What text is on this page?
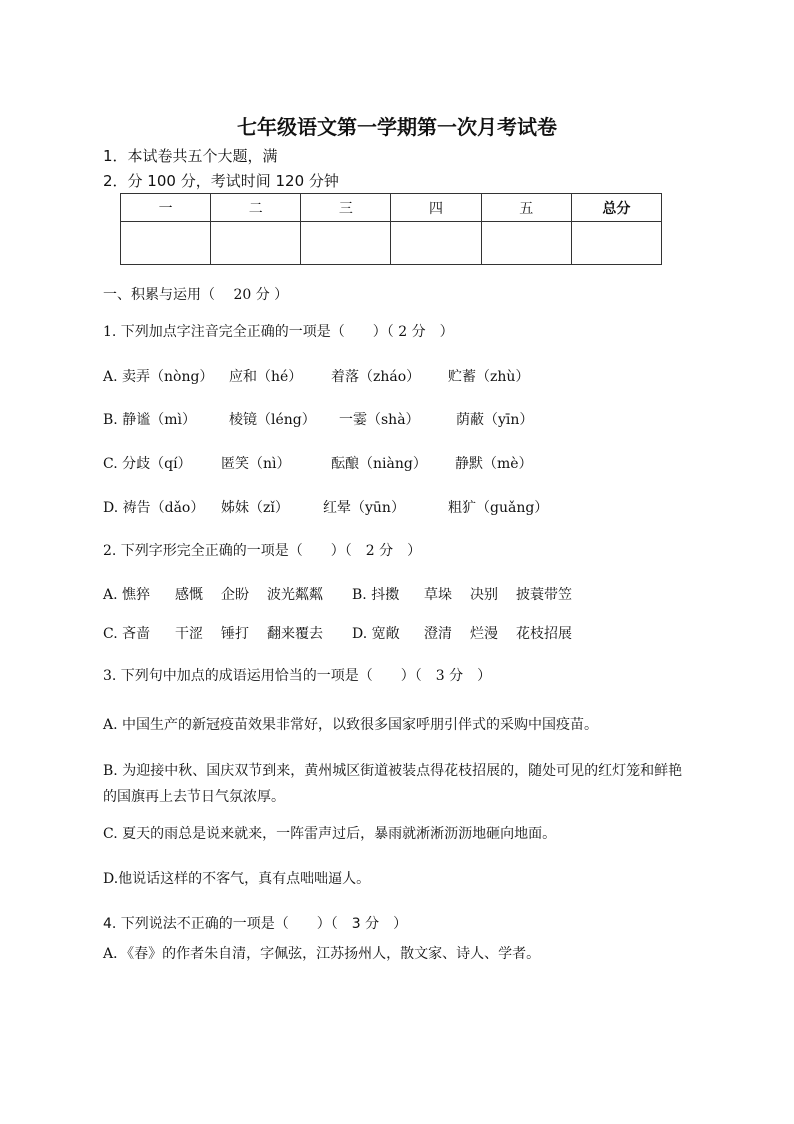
七年级语文第一学期第一次月考试卷
1．本试卷共五个大题，满
2．分 100 分，考试时间 120 分钟
一	二	三	四	五	总分

一、积累与运用（　 20 分 ）
1. 下列加点字注音完全正确的一项是（　　）（ 2 分　）
A. 卖弄（nòng） 应和（hé） 着落（zháo） 贮蓄（zhù）
B. 静谧（mì） 棱镜（léng） 一霎（shà）	荫蔽（yīn）
C. 分歧（qí） 匿笑（nì）	酝酿（niàng） 静默（mè）
D. 祷告（dǎo） 姊妹（zǐ） 红晕（yūn）	粗犷（guǎng）
2. 下列字形完全正确的一项是（　　）（　2 分　）
A. 憔猝 感慨 企盼 波光粼粼 B. 抖擞 草垛 决别 披蓑带笠
C. 吝啬 干涩 锤打 翻来覆去 D. 宽敞 澄清 烂漫 花枝招展
3. 下列句中加点的成语运用恰当的一项是（　　）（　3 分　）
A. 中国生产的新冠疫苗效果非常好，以致很多国家呼朋引伴式的采购中国疫苗。
B. 为迎接中秋、国庆双节到来，黄州城区街道被装点得花枝招展的，随处可见的红灯笼和鲜艳的国旗再上去节日气氛浓厚。
C. 夏天的雨总是说来就来，一阵雷声过后，暴雨就淅淅沥沥地砸向地面。
D.他说话这样的不客气，真有点咄咄逼人。
4. 下列说法不正确的一项是（　　）（　3 分　）
A．《春》的作者朱自清，字佩弦，江苏扬州人，散文家、诗人、学者。
